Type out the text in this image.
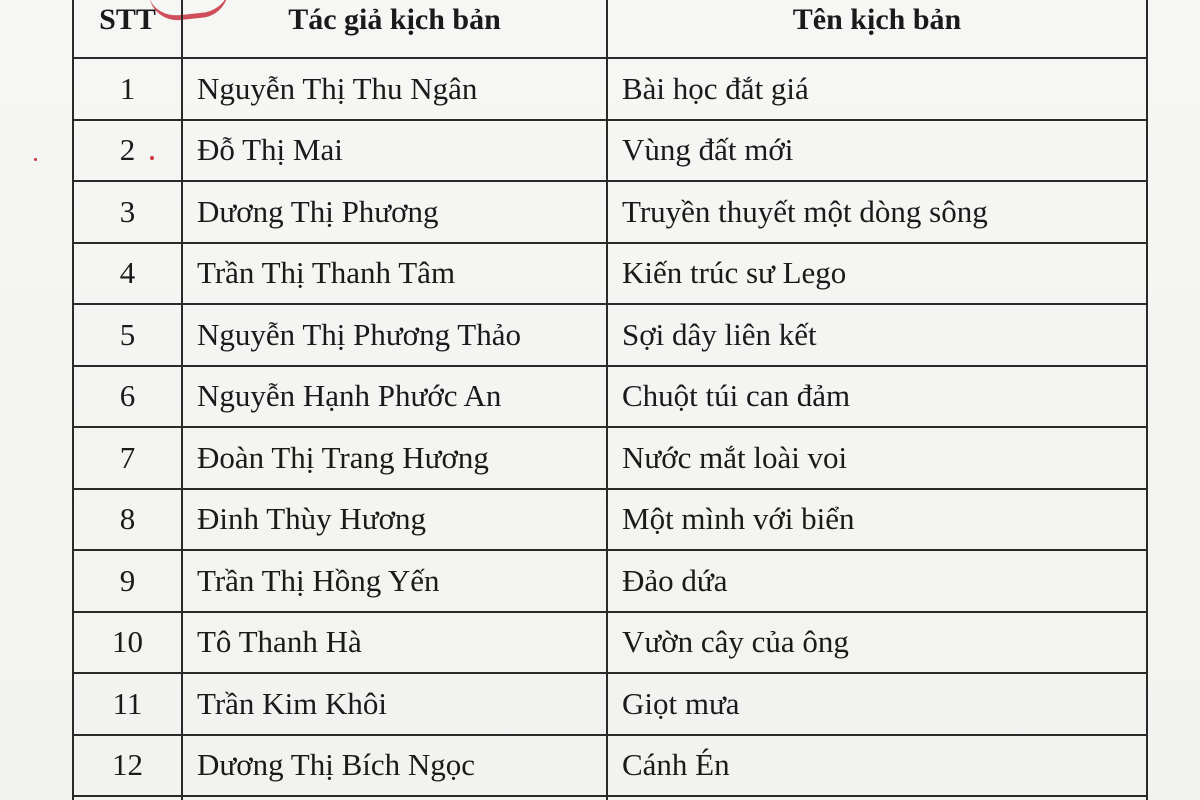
STT	Tác giả kịch bản	Tên kịch bản
1	Nguyễn Thị Thu Ngân	Bài học đắt giá
2	Đỗ Thị Mai	Vùng đất mới
3	Dương Thị Phương	Truyền thuyết một dòng sông
4	Trần Thị Thanh Tâm	Kiến trúc sư Lego
5	Nguyễn Thị Phương Thảo	Sợi dây liên kết
6	Nguyễn Hạnh Phước An	Chuột túi can đảm
7	Đoàn Thị Trang Hương	Nước mắt loài voi
8	Đinh Thùy Hương	Một mình với biển
9	Trần Thị Hồng Yến	Đảo dứa
10	Tô Thanh Hà	Vườn cây của ông
11	Trần Kim Khôi	Giọt mưa
12	Dương Thị Bích Ngọc	Cánh Én
